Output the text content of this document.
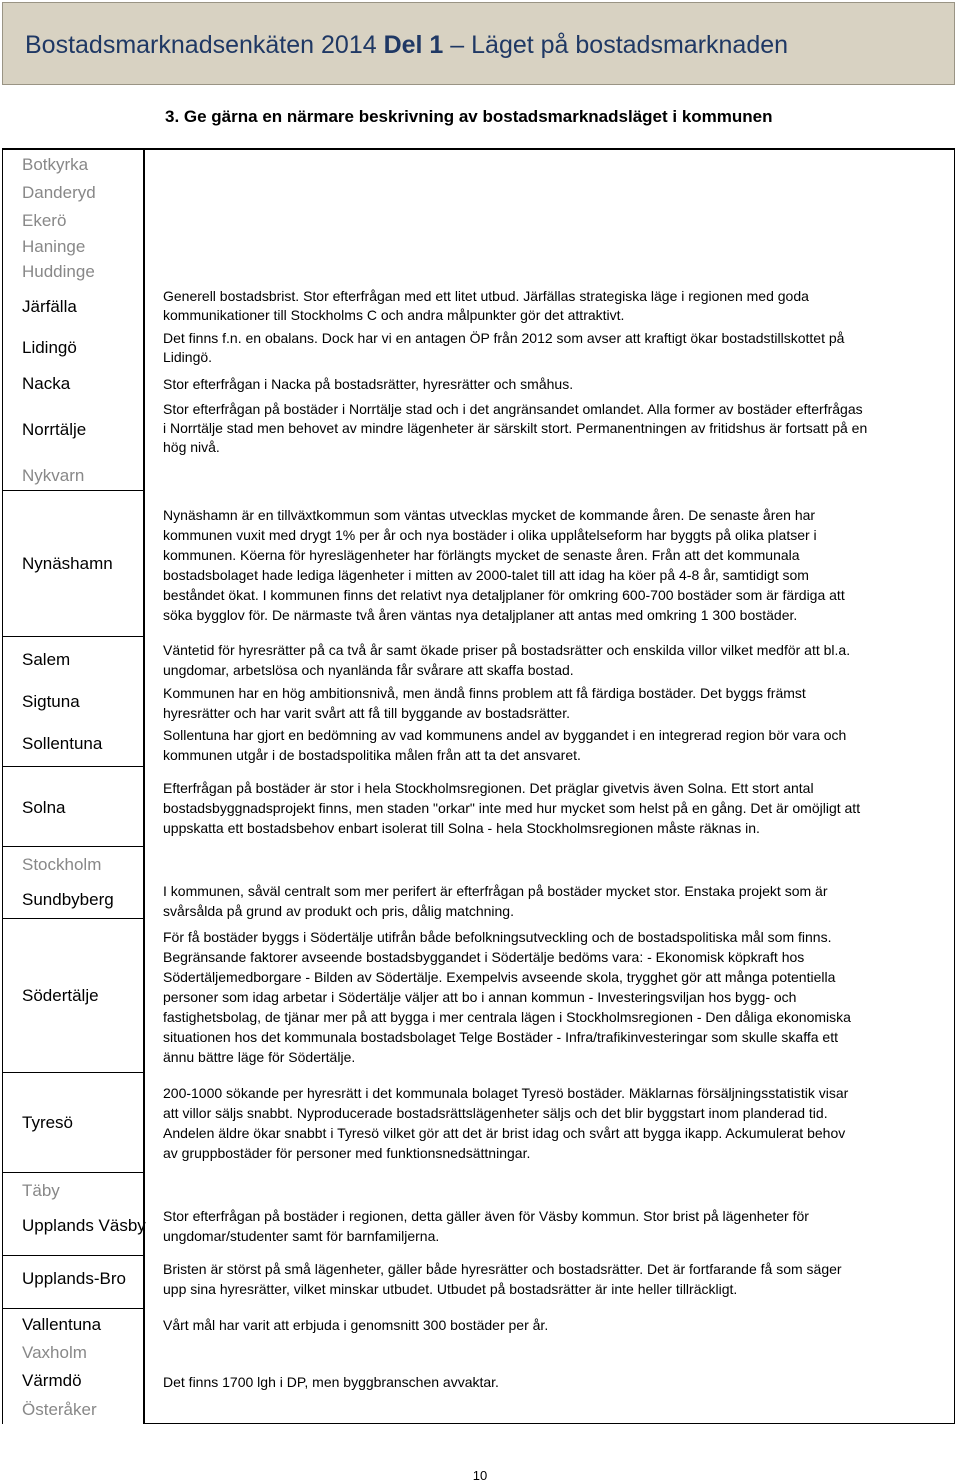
Bostadsmarknadsenkäten 2014 Del 1 – Läget på bostadsmarknaden
3. Ge gärna en närmare beskrivning av bostadsmarknadsläget i kommunen
Botkyrka
Danderyd
Ekerö
Haninge
Huddinge
Järfälla
Lidingö
Nacka
Norrtälje
Nykvarn
Nynäshamn
Salem
Sigtuna
Sollentuna
Solna
Stockholm
Sundbyberg
Södertälje
Tyresö
Täby
Upplands Väsby
Upplands-Bro
Vallentuna
Vaxholm
Värmdö
Österåker
Generell bostadsbrist. Stor efterfrågan med ett litet utbud. Järfällas strategiska läge i regionen med goda
kommunikationer till Stockholms C och andra målpunkter gör det attraktivt.
Det finns f.n. en obalans. Dock har vi en antagen ÖP från 2012 som avser att kraftigt ökar bostadstillskottet på
Lidingö.
Stor efterfrågan i Nacka på bostadsrätter, hyresrätter och småhus.
Stor efterfrågan på bostäder i Norrtälje stad och i det angränsandet omlandet. Alla former av bostäder efterfrågas
i Norrtälje stad men behovet av mindre lägenheter är särskilt stort. Permanentningen av fritidshus är fortsatt på en
hög nivå.
Nynäshamn är en tillväxtkommun som väntas utvecklas mycket de kommande åren. De senaste åren har
kommunen vuxit med drygt 1% per år och nya bostäder i olika upplåtelseform har byggts på olika platser i
kommunen. Köerna för hyreslägenheter har förlängts mycket de senaste åren. Från att det kommunala
bostadsbolaget hade lediga lägenheter i mitten av 2000-talet till att idag ha köer på 4-8 år, samtidigt som
beståndet ökat. I kommunen finns det relativt nya detaljplaner för omkring 600-700 bostäder som är färdiga att
söka bygglov för. De närmaste två åren väntas nya detaljplaner att antas med omkring 1 300 bostäder.
Väntetid för hyresrätter på ca två år samt ökade priser på bostadsrätter och enskilda villor vilket medför att bl.a.
ungdomar, arbetslösa och nyanlända får svårare att skaffa bostad.
Kommunen har en hög ambitionsnivå, men ändå finns problem att få färdiga bostäder. Det byggs främst
hyresrätter och har varit svårt att få till byggande av bostadsrätter.
Sollentuna har gjort en bedömning av vad kommunens andel av byggandet i en integrerad region bör vara och
kommunen utgår i de bostadspolitika målen från att ta det ansvaret.
Efterfrågan på bostäder är stor i hela Stockholmsregionen. Det präglar givetvis även Solna. Ett stort antal
bostadsbyggnadsprojekt finns, men staden "orkar" inte med hur mycket som helst på en gång. Det är omöjligt att
uppskatta ett bostadsbehov enbart isolerat till Solna - hela Stockholmsregionen måste räknas in.
I kommunen, såväl centralt som mer perifert är efterfrågan på bostäder mycket stor. Enstaka projekt som är
svårsålda på grund av produkt och pris, dålig matchning.
För få bostäder byggs i Södertälje utifrån både befolkningsutveckling och de bostadspolitiska mål som finns.
Begränsande faktorer avseende bostadsbyggandet i Södertälje bedöms vara: - Ekonomisk köpkraft hos
Södertäljemedborgare - Bilden av Södertälje. Exempelvis avseende skola, trygghet gör att många potentiella
personer som idag arbetar i Södertälje väljer att bo i annan kommun - Investeringsviljan hos bygg- och
fastighetsbolag, de tjänar mer på att bygga i mer centrala lägen i Stockholmsregionen - Den dåliga ekonomiska
situationen hos det kommunala bostadsbolaget Telge Bostäder - Infra/trafikinvesteringar som skulle skaffa ett
ännu bättre läge för Södertälje.
200-1000 sökande per hyresrätt i det kommunala bolaget Tyresö bostäder. Mäklarnas försäljningsstatistik visar
att villor säljs snabbt. Nyproducerade bostadsrättslägenheter säljs och det blir byggstart inom planderad tid.
Andelen äldre ökar snabbt i Tyresö vilket gör att det är brist idag och svårt att bygga ikapp. Ackumulerat behov
av gruppbostäder för personer med funktionsnedsättningar.
Stor efterfrågan på bostäder i regionen, detta gäller även för Väsby kommun. Stor brist på lägenheter för
ungdomar/studenter samt för barnfamiljerna.
Bristen är störst på små lägenheter, gäller både hyresrätter och bostadsrätter. Det är fortfarande få som säger
upp sina hyresrätter, vilket minskar utbudet. Utbudet på bostadsrätter är inte heller tillräckligt.
Vårt mål har varit att erbjuda i genomsnitt 300 bostäder per år.
Det finns 1700 lgh i DP, men byggbranschen avvaktar.
10
